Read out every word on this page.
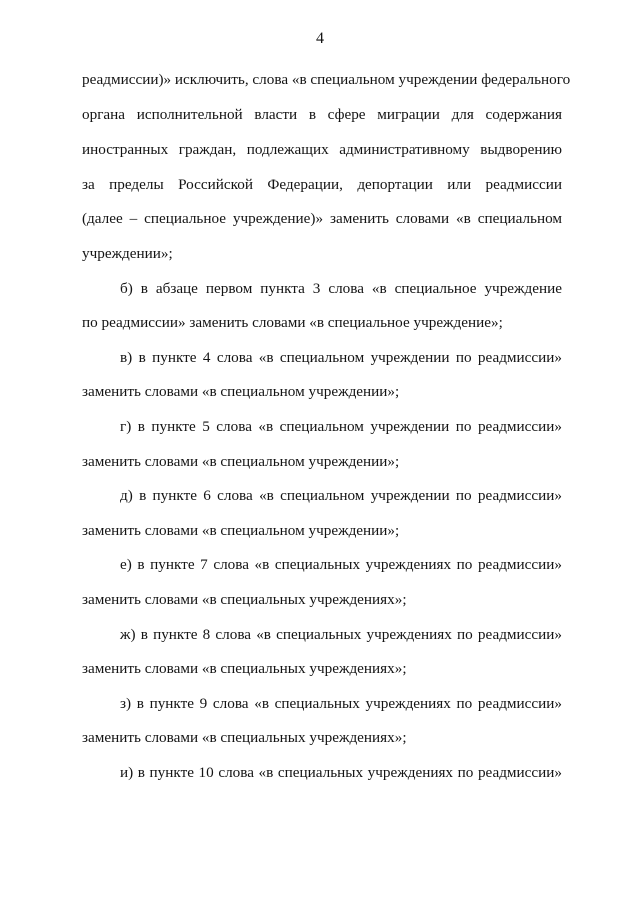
4
реадмиссии)» исключить, слова «в специальном учреждении федерального
органа исполнительной власти в сфере миграции для содержания
иностранных граждан, подлежащих административному выдворению
за пределы Российской Федерации, депортации или реадмиссии
(далее – специальное учреждение)» заменить словами «в специальном
учреждении»;
б) в абзаце первом пункта 3 слова «в специальное учреждение
по реадмиссии» заменить словами «в специальное учреждение»;
в) в пункте 4 слова «в специальном учреждении по реадмиссии»
заменить словами «в специальном учреждении»;
г) в пункте 5 слова «в специальном учреждении по реадмиссии»
заменить словами «в специальном учреждении»;
д) в пункте 6 слова «в специальном учреждении по реадмиссии»
заменить словами «в специальном учреждении»;
е) в пункте 7 слова «в специальных учреждениях по реадмиссии»
заменить словами «в специальных учреждениях»;
ж) в пункте 8 слова «в специальных учреждениях по реадмиссии»
заменить словами «в специальных учреждениях»;
з) в пункте 9 слова «в специальных учреждениях по реадмиссии»
заменить словами «в специальных учреждениях»;
и) в пункте 10 слова «в специальных учреждениях по реадмиссии»
